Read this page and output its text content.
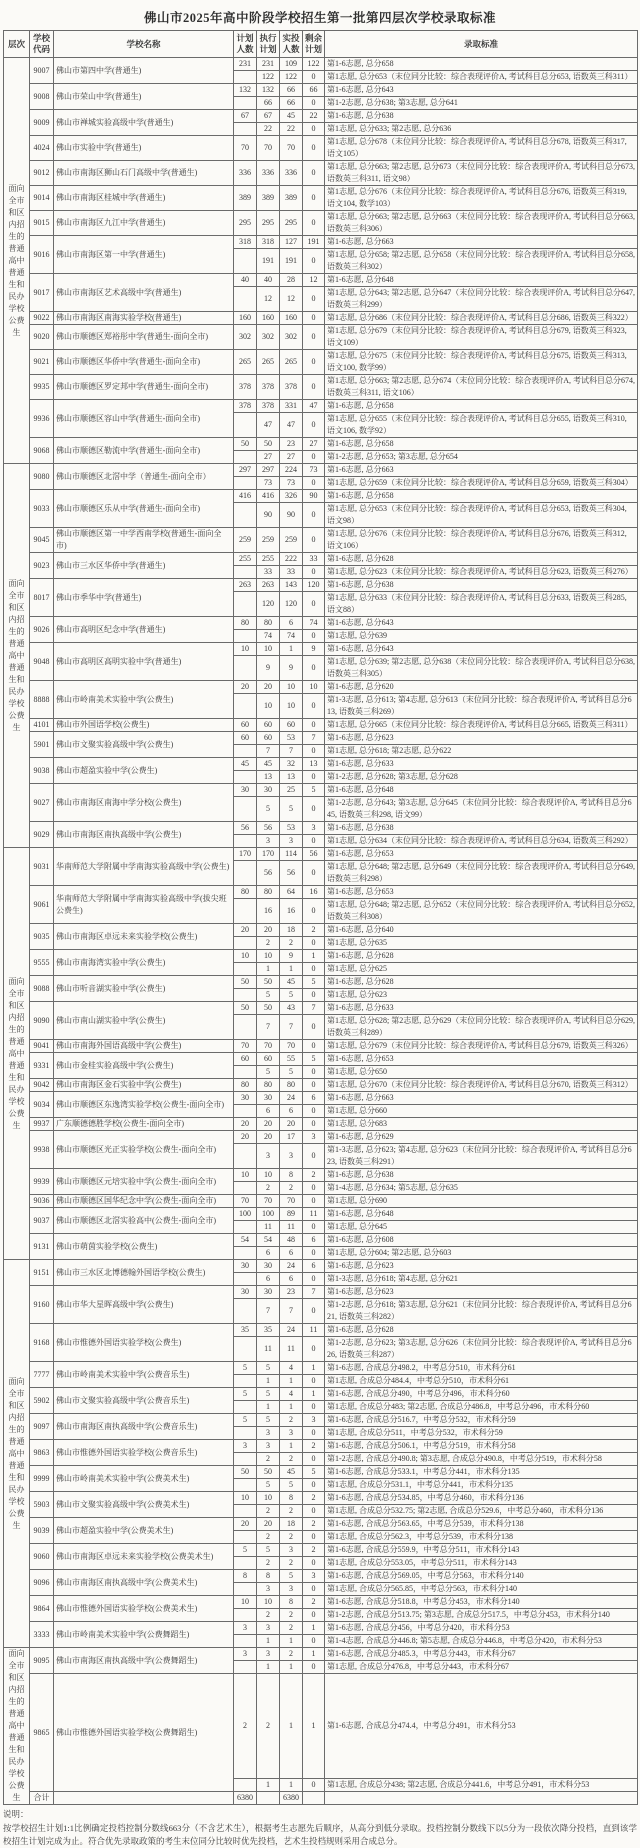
佛山市2025年高中阶段学校招生第一批第四层次学校录取标准
层次	学校代码	学校名称	计划人数	执行计划	实投人数	剩余计划	录取标准
面向全市和区内招生的普通高中普通生和民办学校公费生	9007	佛山市第四中学(普通生)	231	231	109	122	第1-6志愿, 总分658
				122	122	0	第1志愿, 总分653（末位同分比较：综合表现评价A, 考试科目总分653, 语数英三科311）
	9008	佛山市荣山中学(普通生)	132	132	66	66	第1-6志愿, 总分643
				66	66	0	第1-2志愿, 总分638; 第3志愿, 总分641
	9009	佛山市禅城实验高级中学(普通生)	67	67	45	22	第1-6志愿, 总分638
				22	22	0	第1志愿, 总分633; 第2志愿, 总分636
	4024	佛山市实验中学(普通生)	70	70	70	0	第1志愿, 总分678（末位同分比较：综合表现评价A, 考试科目总分678, 语数英三科317, 语文105）
	9012	佛山市南海区狮山石门高级中学(普通生)	336	336	336	0	第1志愿, 总分663; 第2志愿, 总分673（末位同分比较：综合表现评价A, 考试科目总分673, 语数英三科311, 语文98）
	9014	佛山市南海区桂城中学(普通生)	389	389	389	0	第1志愿, 总分676（末位同分比较：综合表现评价A, 考试科目总分676, 语数英三科319, 语文104, 数学103）
	9015	佛山市南海区九江中学(普通生)	295	295	295	0	第1志愿, 总分663; 第2志愿, 总分663（末位同分比较：综合表现评价A, 考试科目总分663, 语数英三科306）
	9016	佛山市南海区第一中学(普通生)	318	318	127	191	第1-6志愿, 总分663
				191	191	0	第1志愿, 总分658; 第2志愿, 总分658（末位同分比较：综合表现评价A, 考试科目总分658, 语数英三科302）
	9017	佛山市南海区艺术高级中学(普通生)	40	40	28	12	第1-6志愿, 总分648
				12	12	0	第1志愿, 总分643; 第2志愿, 总分647（末位同分比较：综合表现评价A, 考试科目总分647, 语数英三科299）
	9022	佛山市南海区南海实验学校(普通生)	160	160	160	0	第1志愿, 总分686（末位同分比较：综合表现评价A, 考试科目总分686, 语数英三科322）
	9020	佛山市顺德区郑裕彤中学(普通生-面向全市)	302	302	302	0	第1志愿, 总分679（末位同分比较：综合表现评价A, 考试科目总分679, 语数英三科323, 语文109）
	9021	佛山市顺德区华侨中学(普通生-面向全市)	265	265	265	0	第1志愿, 总分675（末位同分比较：综合表现评价A, 考试科目总分675, 语数英三科313, 语文100, 数学99）
	9935	佛山市顺德区罗定邦中学(普通生-面向全市)	378	378	378	0	第1志愿, 总分663; 第2志愿, 总分674（末位同分比较：综合表现评价A, 考试科目总分674, 语数英三科311, 语文106）
	9936	佛山市顺德区容山中学(普通生-面向全市)	378	378	331	47	第1-6志愿, 总分658
				47	47	0	第1志愿, 总分655（末位同分比较：综合表现评价A, 考试科目总分655, 语数英三科310, 语文106, 数学92）
	9068	佛山市顺德区勒流中学(普通生-面向全市)	50	50	23	27	第1-6志愿, 总分658
				27	27	0	第1-2志愿, 总分653; 第3志愿, 总分654
面向全市和区内招生的普通高中普通生和民办学校公费生	9080	佛山市顺德区北滘中学（普通生-面向全市）	297	297	224	73	第1-6志愿, 总分663
				73	73	0	第1志愿, 总分659（末位同分比较：综合表现评价A, 考试科目总分659, 语数英三科304）
	9033	佛山市顺德区乐从中学(普通生-面向全市)	416	416	326	90	第1-6志愿, 总分658
				90	90	0	第1志愿, 总分653（末位同分比较：综合表现评价A, 考试科目总分653, 语数英三科304, 语文98）
	9045	佛山市顺德区第一中学西南学校(普通生-面向全市)	259	259	259	0	第1志愿, 总分676（末位同分比较：综合表现评价A, 考试科目总分676, 语数英三科312, 语文106）
	9023	佛山市三水区华侨中学(普通生)	255	255	222	33	第1-6志愿, 总分628
				33	33	0	第1志愿, 总分623（末位同分比较：综合表现评价A, 考试科目总分623, 语数英三科276）
	8017	佛山市季华中学(普通生)	263	263	143	120	第1-6志愿, 总分638
				120	120	0	第1志愿, 总分633（末位同分比较：综合表现评价A, 考试科目总分633, 语数英三科285, 语文88）
	9026	佛山市高明区纪念中学(普通生)	80	80	6	74	第1-6志愿, 总分643
				74	74	0	第1志愿, 总分639
	9048	佛山市高明区高明实验中学(普通生)	10	10	1	9	第1-6志愿, 总分643
				9	9	0	第1志愿, 总分639; 第2志愿, 总分638（末位同分比较：综合表现评价A, 考试科目总分638, 语数英三科305）
	8888	佛山市岭南美术实验中学(公费生)	20	20	10	10	第1-6志愿, 总分620
				10	10	0	第1-3志愿, 总分613; 第4志愿, 总分613（末位同分比较：综合表现评价A, 考试科目总分613, 语数英三科269）
	4101	佛山市外国语学校(公费生)	60	60	60	0	第1志愿, 总分665（末位同分比较：综合表现评价A, 考试科目总分665, 语数英三科311）
	5901	佛山市文聚实验高级中学(公费生)	60	60	53	7	第1-6志愿, 总分623
				7	7	0	第1志愿, 总分618; 第2志愿, 总分622
	9038	佛山市超盈实验中学(公费生)	45	45	32	13	第1-6志愿, 总分633
				13	13	0	第1-2志愿, 总分628; 第3志愿, 总分628
	9027	佛山市南海区南海中学分校(公费生)	30	30	25	5	第1-6志愿, 总分648
				5	5	0	第1-2志愿, 总分643; 第3志愿, 总分645（末位同分比较：综合表现评价A, 考试科目总分645, 语数英三科298, 语文99）
	9029	佛山市南海区南执高级中学(公费生)	56	56	53	3	第1-6志愿, 总分638
				3	3	0	第1志愿, 总分634（末位同分比较：综合表现评价A, 考试科目总分634, 语数英三科292）
面向全市和区内招生的普通高中普通生和民办学校公费生	9031	华南师范大学附属中学南海实验高级中学(公费生)	170	170	114	56	第1-6志愿, 总分653
				56	56	0	第1志愿, 总分648; 第2志愿, 总分649（末位同分比较：综合表现评价A, 考试科目总分649, 语数英三科298）
	9061	华南师范大学附属中学南海实验高级中学(拔尖班公费生)	80	80	64	16	第1-6志愿, 总分653
				16	16	0	第1志愿, 总分648; 第2志愿, 总分652（末位同分比较：综合表现评价A, 考试科目总分652, 语数英三科308）
	9035	佛山市南海区卓远未来实验学校(公费生)	20	20	18	2	第1-6志愿, 总分640
				2	2	0	第1志愿, 总分635
	9555	佛山市南海湾实验中学(公费生)	10	10	9	1	第1-6志愿, 总分628
				1	1	0	第1志愿, 总分625
	9088	佛山市听音湖实验中学(公费生)	50	50	45	5	第1-6志愿, 总分628
				5	5	0	第1志愿, 总分623
	9090	佛山市南山湖实验中学(公费生)	50	50	43	7	第1-6志愿, 总分633
				7	7	0	第1志愿, 总分628; 第2志愿, 总分629（末位同分比较：综合表现评价A, 考试科目总分629, 语数英三科289）
	9041	佛山市南海外国语高级中学(公费生)	70	70	70	0	第1志愿, 总分679（末位同分比较：综合表现评价A, 考试科目总分679, 语数英三科326）
	9331	佛山市金桂实验高级中学(公费生)	60	60	55	5	第1-6志愿, 总分653
				5	5	0	第1志愿, 总分650
	9042	佛山市南海区金石实验中学(公费生)	80	80	80	0	第1志愿, 总分670（末位同分比较：综合表现评价A, 考试科目总分670, 语数英三科312）
	9034	佛山市顺德区东逸湾实验学校(公费生-面向全市)	30	30	24	6	第1-6志愿, 总分663
				6	6	0	第1志愿, 总分660
	9937	广东顺德德胜学校(公费生-面向全市)	20	20	20	0	第1志愿, 总分683
	9938	佛山市顺德区光正实验学校(公费生-面向全市)	20	20	17	3	第1-6志愿, 总分629
				3	3	0	第1-3志愿, 总分623; 第4志愿, 总分623（末位同分比较：综合表现评价A, 考试科目总分623, 语数英三科291）
	9939	佛山市顺德区元培实验中学(公费生-面向全市)	10	10	8	2	第1-6志愿, 总分638
				2	2	0	第1-4志愿, 总分634; 第5志愿, 总分635
	9036	佛山市顺德区国华纪念中学(公费生-面向全市)	70	70	70	0	第1志愿, 总分690
	9037	佛山市顺德区北滘实验高中(公费生-面向全市)	100	100	89	11	第1-6志愿, 总分648
				11	11	0	第1志愿, 总分645
	9131	佛山市萌茵实验学校(公费生)	54	54	48	6	第1-6志愿, 总分608
				6	6	0	第1志愿, 总分604; 第2志愿, 总分603
面向全市和区内招生的普通高中普通生和民办学校公费生	9151	佛山市三水区北博德翰外国语学校(公费生)	30	30	24	6	第1-6志愿, 总分623
				6	6	0	第1-3志愿, 总分618; 第4志愿, 总分621
	9160	佛山市华大星晖高级中学(公费生)	30	30	23	7	第1-6志愿, 总分623
				7	7	0	第1-2志愿, 总分618; 第3志愿, 总分621（末位同分比较：综合表现评价A, 考试科目总分621, 语数英三科282）
	9168	佛山市惟德外国语实验学校(公费生)	35	35	24	11	第1-6志愿, 总分628
				11	11	0	第1-2志愿, 总分623; 第3志愿, 总分626（末位同分比较：综合表现评价A, 考试科目总分626, 语数英三科287）
	7777	佛山市岭南美术实验中学(公费音乐生)	5	5	4	1	第1-6志愿, 合成总分498.2，中考总分510，市术科分61
				1	1	0	第1志愿, 合成总分484.4，中考总分510，市术科分61
	5902	佛山市文聚实验高级中学(公费音乐生)	5	5	4	1	第1-6志愿, 合成总分490，中考总分496，市术科分60
				1	1	0	第1志愿, 合成总分483; 第2志愿, 合成总分486.8，中考总分496，市术科分60
	9097	佛山市南海区南执高级中学(公费音乐生)	5	5	2	3	第1-6志愿, 合成总分516.7，中考总分532，市术科分59
				3	3	0	第1志愿, 合成总分511，中考总分532，市术科分59
	9863	佛山市惟德外国语实验学校(公费音乐生)	3	3	1	2	第1-6志愿, 合成总分506.1，中考总分519，市术科分58
				2	2	0	第1-2志愿, 合成总分490.8; 第3志愿, 合成总分490.8，中考总分519，市术科分58
	9999	佛山市岭南美术实验中学(公费美术生)	50	50	45	5	第1-6志愿, 合成总分533.1，中考总分441，市术科分135
				5	5	0	第1志愿, 合成总分531.1，中考总分441，市术科分135
	5903	佛山市文聚实验高级中学(公费美术生)	10	10	8	2	第1-6志愿, 合成总分534.85，中考总分460，市术科分136
				2	2	0	第1志愿, 合成总分532.75; 第2志愿, 合成总分529.6，中考总分460，市术科分136
	9039	佛山市超盈实验中学(公费美术生)	20	20	18	2	第1-6志愿, 合成总分563.65，中考总分539，市术科分138
				2	2	0	第1志愿, 合成总分562.3，中考总分539，市术科分138
	9060	佛山市南海区卓远未来实验学校(公费美术生)	5	5	3	2	第1-6志愿, 合成总分559.9，中考总分511，市术科分143
				2	2	0	第1志愿, 合成总分553.05，中考总分511，市术科分143
	9096	佛山市南海区南执高级中学(公费美术生)	8	8	5	3	第1-6志愿, 合成总分569.05，中考总分563，市术科分140
				3	3	0	第1志愿, 合成总分565.85，中考总分563，市术科分140
	9864	佛山市惟德外国语实验学校(公费美术生)	10	10	8	2	第1-6志愿, 合成总分518.8，中考总分453，市术科分140
				2	2	0	第1-2志愿, 合成总分513.75; 第3志愿, 合成总分517.5，中考总分453，市术科分140
	3333	佛山市岭南美术实验中学(公费舞蹈生)	3	3	2	1	第1-6志愿, 合成总分456，中考总分420，市术科分53
				1	1	0	第1-4志愿, 合成总分446.8; 第5志愿, 合成总分446.8，中考总分420，市术科分53
面向全市和区内招生的普通高中普通生和民办学校公费生	9095	佛山市南海区南执高级中学(公费舞蹈生)	3	3	2	1	第1-6志愿, 合成总分485.3，中考总分443，市术科分67
				1	1	0	第1志愿, 合成总分476.8，中考总分443，市术科分67
	9865	佛山市惟德外国语实验学校(公费舞蹈生)	2	2	1	1	第1-6志愿, 合成总分474.4，中考总分491，市术科分53
				1	1	0	第1志愿, 合成总分438; 第2志愿, 合成总分441.6，中考总分491，市术科分53
	合计		6380		6380		
说明：
按学校招生计划1:1比例确定投档控制分数线663分（不含艺术生），根据考生志愿先后顺序，从高分到低分录取。投档控制分数线下以5分为一段依次降分投档，直到该学校招生计划完成为止。符合优先录取政策的考生末位同分比较时优先投档，艺术生投档规则采用合成总分。
